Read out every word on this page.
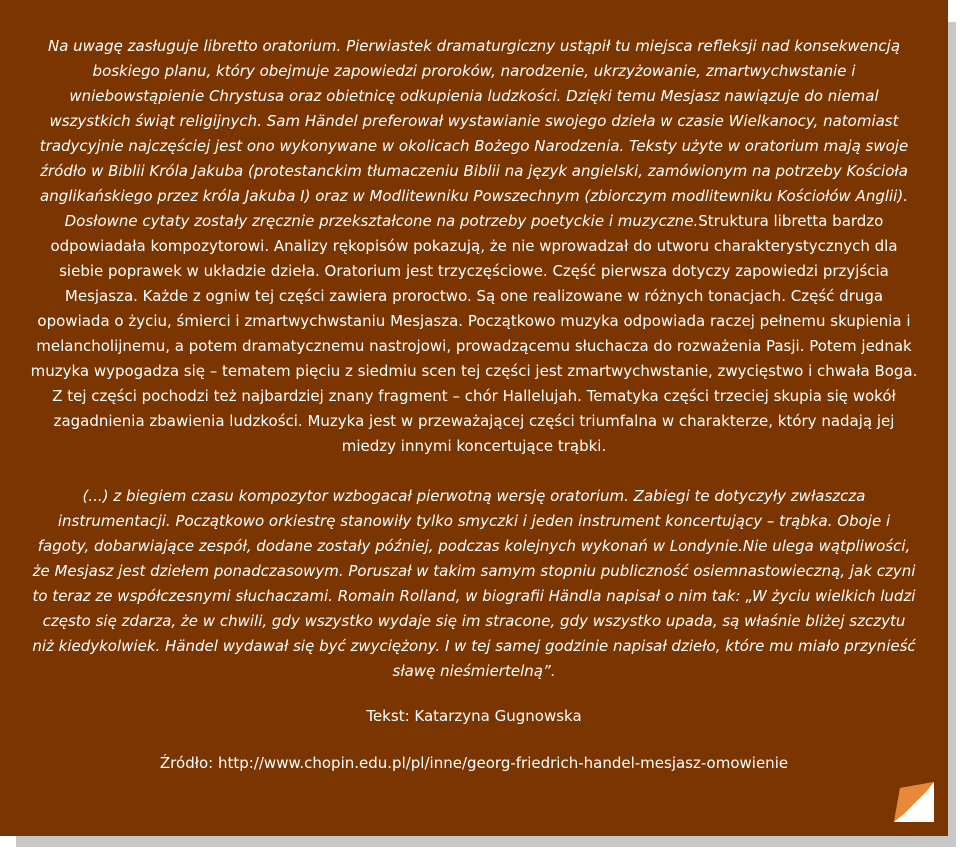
Na uwagę zasługuje libretto oratorium. Pierwiastek dramaturgiczny ustąpił tu miejsca refleksji nad konsekwencją boskiego planu, który obejmuje zapowiedzi proroków, narodzenie, ukrzyżowanie, zmartwychwstanie i wniebowstąpienie Chrystusa oraz obietnicę odkupienia ludzkości. Dzięki temu Mesjasz nawiązuje do niemal wszystkich świąt religijnych. Sam Händel preferował wystawianie swojego dzieła w czasie Wielkanocy, natomiast tradycyjnie najczęściej jest ono wykonywane w okolicach Bożego Narodzenia. Teksty użyte w oratorium mają swoje źródło w Biblii Króla Jakuba (protestanckim tłumaczeniu Biblii na język angielski, zamówionym na potrzeby Kościoła anglikańskiego przez króla Jakuba I) oraz w Modlitewniku Powszechnym (zbiorczym modlitewniku Kościołów Anglii). Dosłowne cytaty zostały zręcznie przekształcone na potrzeby poetyckie i muzyczne.Struktura libretta bardzo odpowiadała kompozytorowi. Analizy rękopisów pokazują, że nie wprowadzał do utworu charakterystycznych dla siebie poprawek w układzie dzieła. Oratorium jest trzyczęściowe. Część pierwsza dotyczy zapowiedzi przyjścia Mesjasza. Każde z ogniw tej części zawiera proroctwo. Są one realizowane w różnych tonacjach. Część druga opowiada o życiu, śmierci i zmartwychwstaniu Mesjasza. Początkowo muzyka odpowiada raczej pełnemu skupienia i melancholijnemu, a potem dramatycznemu nastrojowi, prowadzącemu słuchacza do rozważenia Pasji. Potem jednak muzyka wypogadza się – tematem pięciu z siedmiu scen tej części jest zmartwychwstanie, zwycięstwo i chwała Boga. Z tej części pochodzi też najbardziej znany fragment – chór Hallelujah. Tematyka części trzeciej skupia się wokół zagadnienia zbawienia ludzkości. Muzyka jest w przeważającej części triumfalna w charakterze, który nadają jej miedzy innymi koncertujące trąbki.

(...) z biegiem czasu kompozytor wzbogacał pierwotną wersję oratorium. Zabiegi te dotyczyły zwłaszcza instrumentacji. Początkowo orkiestrę stanowiły tylko smyczki i jeden instrument koncertujący – trąbka. Oboje i fagoty, dobarwiające zespół, dodane zostały później, podczas kolejnych wykonań w Londynie.Nie ulega wątpliwości, że Mesjasz jest dziełem ponadczasowym. Poruszał w takim samym stopniu publiczność osiemnastowieczną, jak czyni to teraz ze współczesnymi słuchaczami. Romain Rolland, w biografii Händla napisał o nim tak: „W życiu wielkich ludzi często się zdarza, że w chwili, gdy wszystko wydaje się im stracone, gdy wszystko upada, są właśnie bliżej szczytu niż kiedykolwiek. Händel wydawał się być zwyciężony. I w tej samej godzinie napisał dzieło, które mu miało przynieść sławę nieśmiertelną”.

Tekst: Katarzyna Gugnowska

Źródło: http://www.chopin.edu.pl/pl/inne/georg-friedrich-handel-mesjasz-omowienie
